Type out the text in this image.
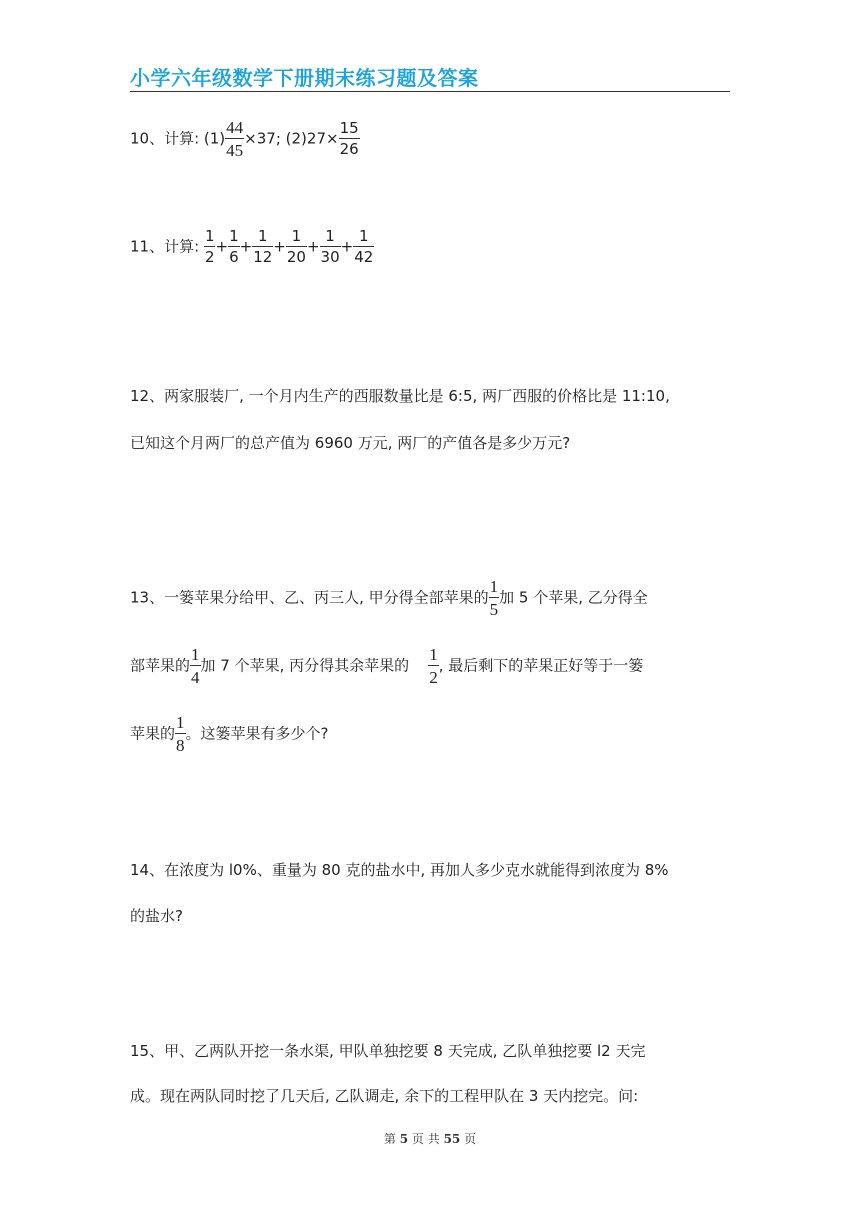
小学六年级数学下册期末练习题及答案
10、计算: $(1) \frac{44}{45} \times 37$; $(2)27\times \frac{15}{26}$
11、计算: $\frac{1}{2} + \frac{1}{6} + \frac{1}{12} + \frac{1}{20} + \frac{1}{30} + \frac{1}{42}$
12、两家服装厂, 一个月内生产的西服数量比是 6:5, 两厂西服的价格比是 11:10,
已知这个月两厂的总产值为 6960 万元, 两厂的产值各是多少万元?
13、一篓苹果分给甲、乙、丙三人, 甲分得全部苹果的 $\frac{1}{5}$ 加 5 个苹果, 乙分得全
部苹果的 $\frac{1}{4}$ 加 7 个苹果, 丙分得其余苹果的 $\frac{1}{2}$ , 最后剩下的苹果正好等于一篓
苹果的 $\frac{1}{8}$ 。这篓苹果有多少个?
14、在浓度为 l0%、重量为 80 克的盐水中, 再加人多少克水就能得到浓度为 8%
的盐水?
15、甲、乙两队开挖一条水渠, 甲队单独挖要 8 天完成, 乙队单独挖要 l2 天完
成。现在两队同时挖了几天后, 乙队调走, 余下的工程甲队在 3 天内挖完。问:
第 5 页 共 55 页
